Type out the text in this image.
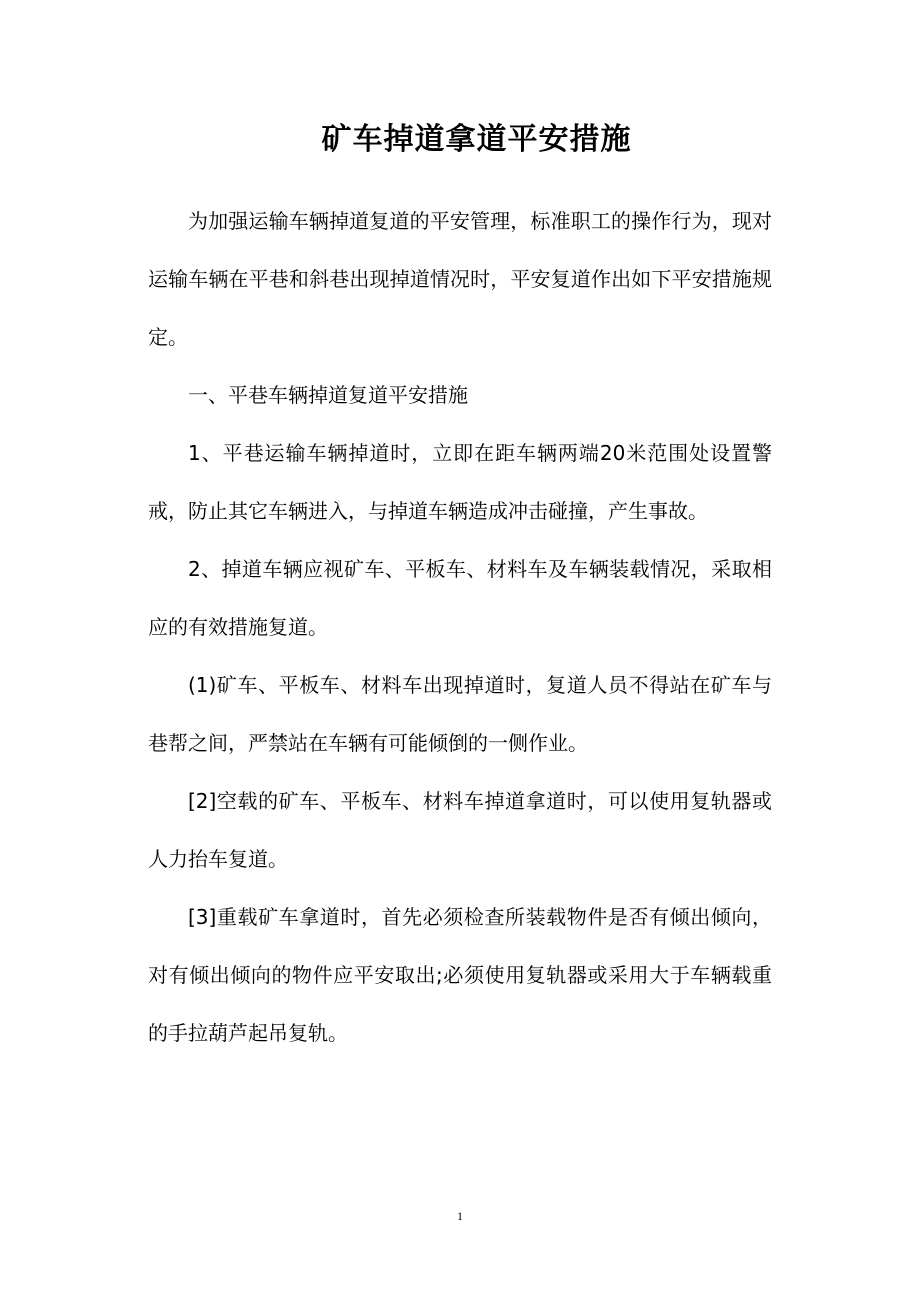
矿车掉道拿道平安措施

为加强运输车辆掉道复道的平安管理，标准职工的操作行为，现对运输车辆在平巷和斜巷出现掉道情况时，平安复道作出如下平安措施规定。

一、平巷车辆掉道复道平安措施

1、平巷运输车辆掉道时，立即在距车辆两端20米范围处设置警戒，防止其它车辆进入，与掉道车辆造成冲击碰撞，产生事故。

2、掉道车辆应视矿车、平板车、材料车及车辆装载情况，采取相应的有效措施复道。

(1)矿车、平板车、材料车出现掉道时，复道人员不得站在矿车与巷帮之间，严禁站在车辆有可能倾倒的一侧作业。

[2]空载的矿车、平板车、材料车掉道拿道时，可以使用复轨器或人力抬车复道。

[3]重载矿车拿道时，首先必须检查所装载物件是否有倾出倾向，对有倾出倾向的物件应平安取出;必须使用复轨器或采用大于车辆载重的手拉葫芦起吊复轨。

1
